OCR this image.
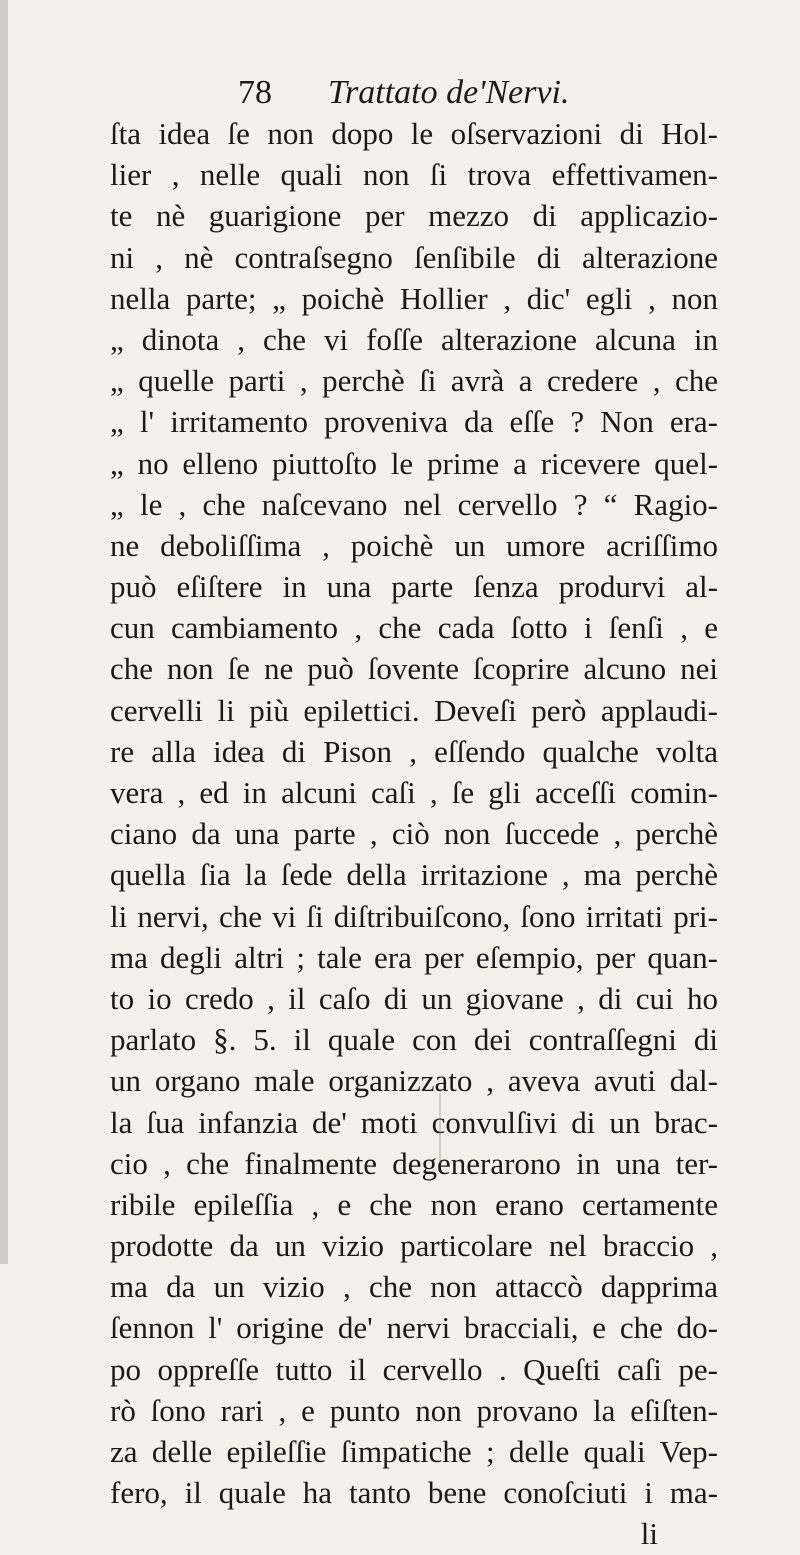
78 Trattato de'Nervi.
ſta idea ſe non dopo le oſservazioni di Hol-
lier , nelle quali non ſi trova effettivamen-
te nè guarigione per mezzo di applicazio-
ni , nè contraſsegno ſenſibile di alterazione
nella parte; „ poichè Hollier , dic' egli , non
„ dinota , che vi foſſe alterazione alcuna in
„ quelle parti , perchè ſi avrà a credere , che
„ l' irritamento proveniva da eſſe ? Non era-
„ no elleno piuttoſto le prime a ricevere quel-
„ le , che naſcevano nel cervello ? “ Ragio-
ne deboliſſima , poichè un umore acriſſimo
può eſiſtere in una parte ſenza produrvi al-
cun cambiamento , che cada ſotto i ſenſi , e
che non ſe ne può ſovente ſcoprire alcuno nei
cervelli li più epilettici. Deveſi però applaudi-
re alla idea di Pison , eſſendo qualche volta
vera , ed in alcuni caſi , ſe gli acceſſi comin-
ciano da una parte , ciò non ſuccede , perchè
quella ſia la ſede della irritazione , ma perchè
li nervi, che vi ſi diſtribuiſcono, ſono irritati pri-
ma degli altri ; tale era per eſempio, per quan-
to io credo , il caſo di un giovane , di cui ho
parlato §. 5. il quale con dei contraſſegni di
un organo male organizzato , aveva avuti dal-
la ſua infanzia de' moti convulſivi di un brac-
cio , che finalmente degenerarono in una ter-
ribile epileſſia , e che non erano certamente
prodotte da un vizio particolare nel braccio ,
ma da un vizio , che non attaccò dapprima
ſennon l' origine de' nervi bracciali, e che do-
po oppreſſe tutto il cervello . Queſti caſi pe-
rò ſono rari , e punto non provano la eſiſten-
za delle epileſſie ſimpatiche ; delle quali Vep-
fero, il quale ha tanto bene conoſciuti i ma-
li
